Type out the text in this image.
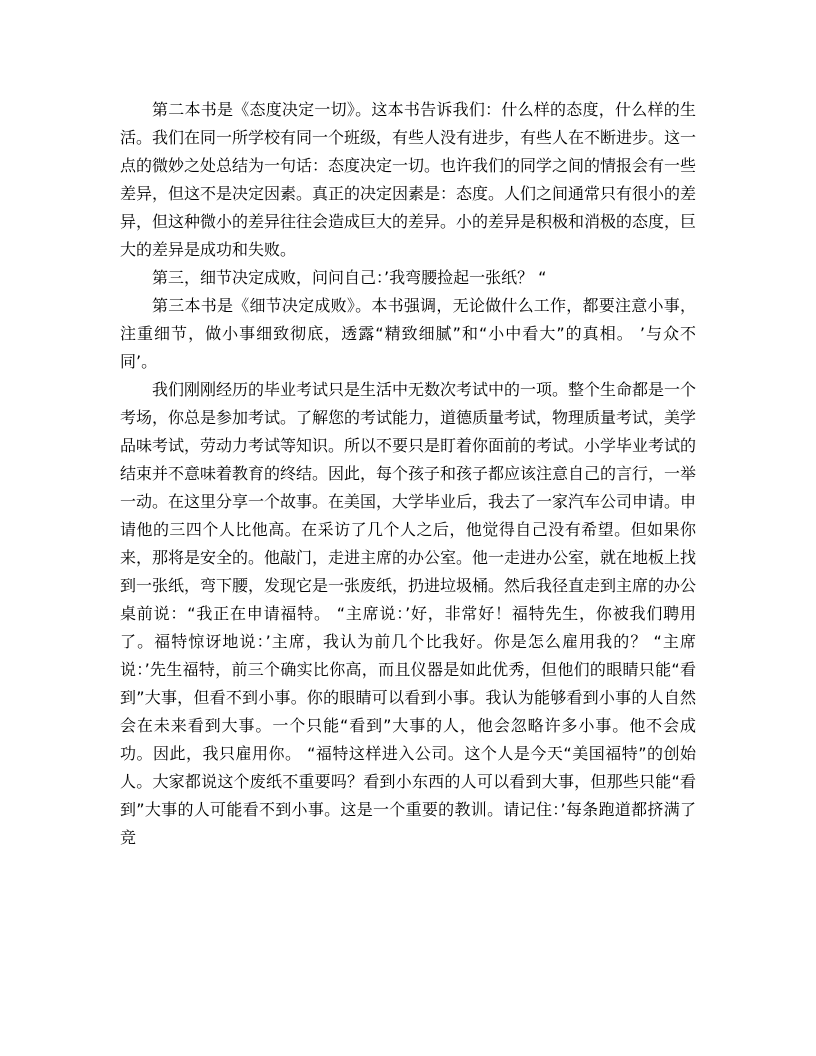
第二本书是《态度决定一切》。这本书告诉我们：什么样的态度，什么样的生活。我们在同一所学校有同一个班级，有些人没有进步，有些人在不断进步。这一点的微妙之处总结为一句话：态度决定一切。也许我们的同学之间的情报会有一些差异，但这不是决定因素。真正的决定因素是：态度。人们之间通常只有很小的差异，但这种微小的差异往往会造成巨大的差异。小的差异是积极和消极的态度，巨大的差异是成功和失败。

第三，细节决定成败，问问自己：’我弯腰捡起一张纸？ “

第三本书是《细节决定成败》。本书强调，无论做什么工作，都要注意小事，注重细节，做小事细致彻底，透露“精致细腻”和“小中看大”的真相。 ’与众不同’。

我们刚刚经历的毕业考试只是生活中无数次考试中的一项。整个生命都是一个考场，你总是参加考试。了解您的考试能力，道德质量考试，物理质量考试，美学品味考试，劳动力考试等知识。所以不要只是盯着你面前的考试。小学毕业考试的结束并不意味着教育的终结。因此，每个孩子和孩子都应该注意自己的言行，一举一动。在这里分享一个故事。在美国，大学毕业后，我去了一家汽车公司申请。申请他的三四个人比他高。在采访了几个人之后，他觉得自己没有希望。但如果你来，那将是安全的。他敲门，走进主席的办公室。他一走进办公室，就在地板上找到一张纸，弯下腰，发现它是一张废纸，扔进垃圾桶。然后我径直走到主席的办公桌前说：“我正在申请福特。 “主席说：’好，非常好！福特先生，你被我们聘用了。福特惊讶地说：’主席，我认为前几个比我好。你是怎么雇用我的？ “主席说：’先生福特，前三个确实比你高，而且仪器是如此优秀，但他们的眼睛只能“看到”大事，但看不到小事。你的眼睛可以看到小事。我认为能够看到小事的人自然会在未来看到大事。一个只能“看到”大事的人，他会忽略许多小事。他不会成功。因此，我只雇用你。 “福特这样进入公司。这个人是今天“美国福特”的创始人。大家都说这个废纸不重要吗？看到小东西的人可以看到大事，但那些只能“看到”大事的人可能看不到小事。这是一个重要的教训。请记住：’每条跑道都挤满了竞
